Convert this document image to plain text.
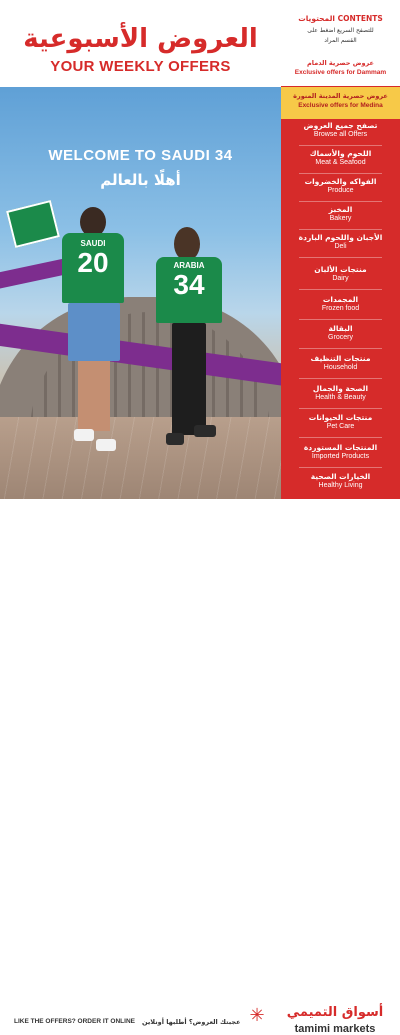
العروض الأسبوعية
YOUR WEEKLY OFFERS
WELCOME TO SAUDI 34
أهلًا بالعالم
SAUDI
20	ARABIA
34
المحتويات CONTENTS
للتصفح السريع اضغط على
القسم المراد
عروض حصرية الدمام
Exclusive offers for Dammam
عروض حصرية المدينة المنورة
Exclusive offers for Medina
تصفح جميع العروض
Browse all Offers
اللحوم والأسماك
Meat & Seafood
الفواكه والخضروات
Produce
المخبز
Bakery
الأجبان واللحوم الباردة
Deli
منتجات الألبان
Dairy
المجمدات
Frozen food
البقالة
Grocery
منتجات التنظيف
Household
الصحة والجمال
Health & Beauty
منتجات الحيوانات
Pet Care
المنتجات المستوردة
Imported Products
الخيارات الصحية
Healthy Living
LIKE THE OFFERS? ORDER IT ONLINE عجبتك العروض؟ أطلبها أونلاين ✳	أسواق التميمي
tamimi markets
